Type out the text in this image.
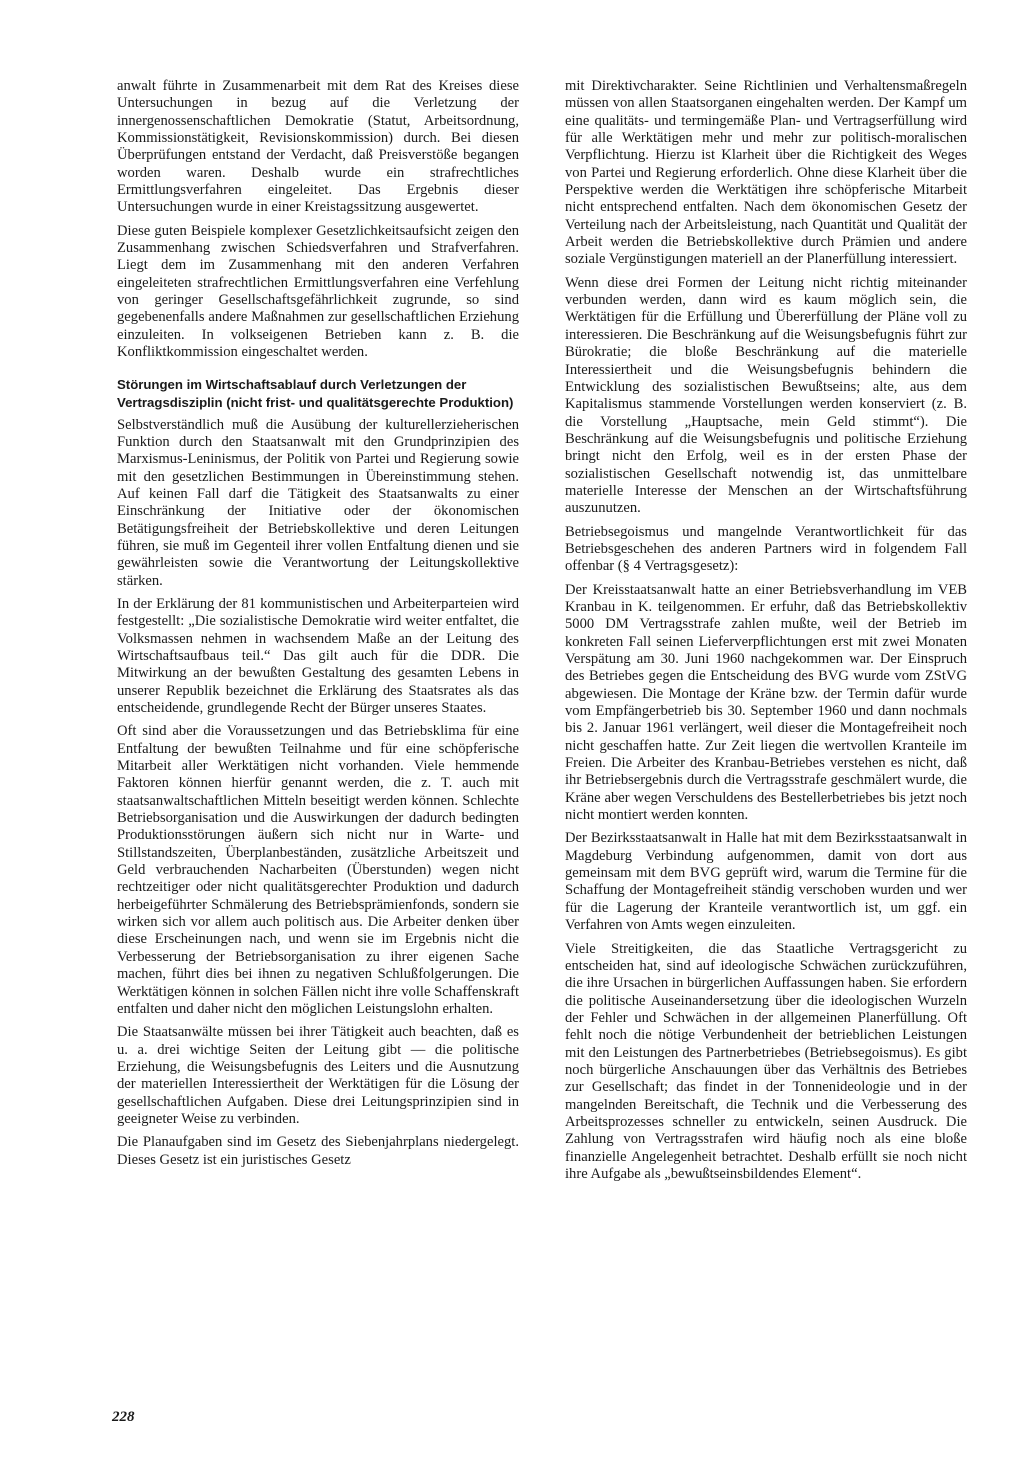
anwalt führte in Zusammenarbeit mit dem Rat des Kreises diese Untersuchungen in bezug auf die Verletzung der innergenossenschaftlichen Demokratie (Statut, Arbeitsordnung, Kommissionstätigkeit, Revisionskommission) durch. Bei diesen Überprüfungen entstand der Verdacht, daß Preisverstöße begangen worden waren. Deshalb wurde ein strafrechtliches Ermittlungsverfahren eingeleitet. Das Ergebnis dieser Untersuchungen wurde in einer Kreistagssitzung ausgewertet.

Diese guten Beispiele komplexer Gesetzlichkeitsaufsicht zeigen den Zusammenhang zwischen Schiedsverfahren und Strafverfahren. Liegt dem im Zusammenhang mit den anderen Verfahren eingeleiteten strafrechtlichen Ermittlungsverfahren eine Verfehlung von geringer Gesellschaftsgefährlichkeit zugrunde, so sind gegebenenfalls andere Maßnahmen zur gesellschaftlichen Erziehung einzuleiten. In volkseigenen Betrieben kann z. B. die Konfliktkommission eingeschaltet werden.

Störungen im Wirtschaftsablauf durch Verletzungen der Vertragsdisziplin (nicht frist- und qualitätsgerechte Produktion)

Selbstverständlich muß die Ausübung der kulturellerzieherischen Funktion durch den Staatsanwalt mit den Grundprinzipien des Marxismus-Leninismus, der Politik von Partei und Regierung sowie mit den gesetzlichen Bestimmungen in Übereinstimmung stehen. Auf keinen Fall darf die Tätigkeit des Staatsanwalts zu einer Einschränkung der Initiative oder der ökonomischen Betätigungsfreiheit der Betriebskollektive und deren Leitungen führen, sie muß im Gegenteil ihrer vollen Entfaltung dienen und sie gewährleisten sowie die Verantwortung der Leitungskollektive stärken.

In der Erklärung der 81 kommunistischen und Arbeiterparteien wird festgestellt: „Die sozialistische Demokratie wird weiter entfaltet, die Volksmassen nehmen in wachsendem Maße an der Leitung des Wirtschaftsaufbaus teil.“ Das gilt auch für die DDR. Die Mitwirkung an der bewußten Gestaltung des gesamten Lebens in unserer Republik bezeichnet die Erklärung des Staatsrates als das entscheidende, grundlegende Recht der Bürger unseres Staates.

Oft sind aber die Voraussetzungen und das Betriebsklima für eine Entfaltung der bewußten Teilnahme und für eine schöpferische Mitarbeit aller Werktätigen nicht vorhanden. Viele hemmende Faktoren können hierfür genannt werden, die z. T. auch mit staatsanwaltschaftlichen Mitteln beseitigt werden können. Schlechte Betriebsorganisation und die Auswirkungen der dadurch bedingten Produktionsstörungen äußern sich nicht nur in Warte- und Stillstandszeiten, Überplanbeständen, zusätzliche Arbeitszeit und Geld verbrauchenden Nacharbeiten (Überstunden) wegen nicht rechtzeitiger oder nicht qualitätsgerechter Produktion und dadurch herbeigeführter Schmälerung des Betriebsprämienfonds, sondern sie wirken sich vor allem auch politisch aus. Die Arbeiter denken über diese Erscheinungen nach, und wenn sie im Ergebnis nicht die Verbesserung der Betriebsorganisation zu ihrer eigenen Sache machen, führt dies bei ihnen zu negativen Schlußfolgerungen. Die Werktätigen können in solchen Fällen nicht ihre volle Schaffenskraft entfalten und daher nicht den möglichen Leistungslohn erhalten.

Die Staatsanwälte müssen bei ihrer Tätigkeit auch beachten, daß es u. a. drei wichtige Seiten der Leitung gibt — die politische Erziehung, die Weisungsbefugnis des Leiters und die Ausnutzung der materiellen Interessiertheit der Werktätigen für die Lösung der gesellschaftlichen Aufgaben. Diese drei Leitungsprinzipien sind in geeigneter Weise zu verbinden.

Die Planaufgaben sind im Gesetz des Siebenjahrplans niedergelegt. Dieses Gesetz ist ein juristisches Gesetz

mit Direktivcharakter. Seine Richtlinien und Verhaltensmaßregeln müssen von allen Staatsorganen eingehalten werden. Der Kampf um eine qualitäts- und termingemäße Plan- und Vertragserfüllung wird für alle Werktätigen mehr und mehr zur politisch-moralischen Verpflichtung. Hierzu ist Klarheit über die Richtigkeit des Weges von Partei und Regierung erforderlich. Ohne diese Klarheit über die Perspektive werden die Werktätigen ihre schöpferische Mitarbeit nicht entsprechend entfalten. Nach dem ökonomischen Gesetz der Verteilung nach der Arbeitsleistung, nach Quantität und Qualität der Arbeit werden die Betriebskollektive durch Prämien und andere soziale Vergünstigungen materiell an der Planerfüllung interessiert.

Wenn diese drei Formen der Leitung nicht richtig miteinander verbunden werden, dann wird es kaum möglich sein, die Werktätigen für die Erfüllung und Übererfüllung der Pläne voll zu interessieren. Die Beschränkung auf die Weisungsbefugnis führt zur Bürokratie; die bloße Beschränkung auf die materielle Interessiertheit und die Weisungsbefugnis behindern die Entwicklung des sozialistischen Bewußtseins; alte, aus dem Kapitalismus stammende Vorstellungen werden konserviert (z. B. die Vorstellung „Hauptsache, mein Geld stimmt“). Die Beschränkung auf die Weisungsbefugnis und politische Erziehung bringt nicht den Erfolg, weil es in der ersten Phase der sozialistischen Gesellschaft notwendig ist, das unmittelbare materielle Interesse der Menschen an der Wirtschaftsführung auszunutzen.

Betriebsegoismus und mangelnde Verantwortlichkeit für das Betriebsgeschehen des anderen Partners wird in folgendem Fall offenbar (§ 4 Vertragsgesetz):

Der Kreisstaatsanwalt hatte an einer Betriebsverhandlung im VEB Kranbau in K. teilgenommen. Er erfuhr, daß das Betriebskollektiv 5000 DM Vertragsstrafe zahlen mußte, weil der Betrieb im konkreten Fall seinen Lieferverpflichtungen erst mit zwei Monaten Verspätung am 30. Juni 1960 nachgekommen war. Der Einspruch des Betriebes gegen die Entscheidung des BVG wurde vom ZStVG abgewiesen. Die Montage der Kräne bzw. der Termin dafür wurde vom Empfängerbetrieb bis 30. September 1960 und dann nochmals bis 2. Januar 1961 verlängert, weil dieser die Montagefreiheit noch nicht geschaffen hatte. Zur Zeit liegen die wertvollen Kranteile im Freien. Die Arbeiter des Kranbau-Betriebes verstehen es nicht, daß ihr Betriebsergebnis durch die Vertragsstrafe geschmälert wurde, die Kräne aber wegen Verschuldens des Bestellerbetriebes bis jetzt noch nicht montiert werden konnten.

Der Bezirksstaatsanwalt in Halle hat mit dem Bezirksstaatsanwalt in Magdeburg Verbindung aufgenommen, damit von dort aus gemeinsam mit dem BVG geprüft wird, warum die Termine für die Schaffung der Montagefreiheit ständig verschoben wurden und wer für die Lagerung der Kranteile verantwortlich ist, um ggf. ein Verfahren von Amts wegen einzuleiten.

Viele Streitigkeiten, die das Staatliche Vertragsgericht zu entscheiden hat, sind auf ideologische Schwächen zurückzuführen, die ihre Ursachen in bürgerlichen Auffassungen haben. Sie erfordern die politische Auseinandersetzung über die ideologischen Wurzeln der Fehler und Schwächen in der allgemeinen Planerfüllung. Oft fehlt noch die nötige Verbundenheit der betrieblichen Leistungen mit den Leistungen des Partnerbetriebes (Betriebsegoismus). Es gibt noch bürgerliche Anschauungen über das Verhältnis des Betriebes zur Gesellschaft; das findet in der Tonnenideologie und in der mangelnden Bereitschaft, die Technik und die Verbesserung des Arbeitsprozesses schneller zu entwickeln, seinen Ausdruck. Die Zahlung von Vertragsstrafen wird häufig noch als eine bloße finanzielle Angelegenheit betrachtet. Deshalb erfüllt sie noch nicht ihre Aufgabe als „bewußtseinsbildendes Element“.

228
